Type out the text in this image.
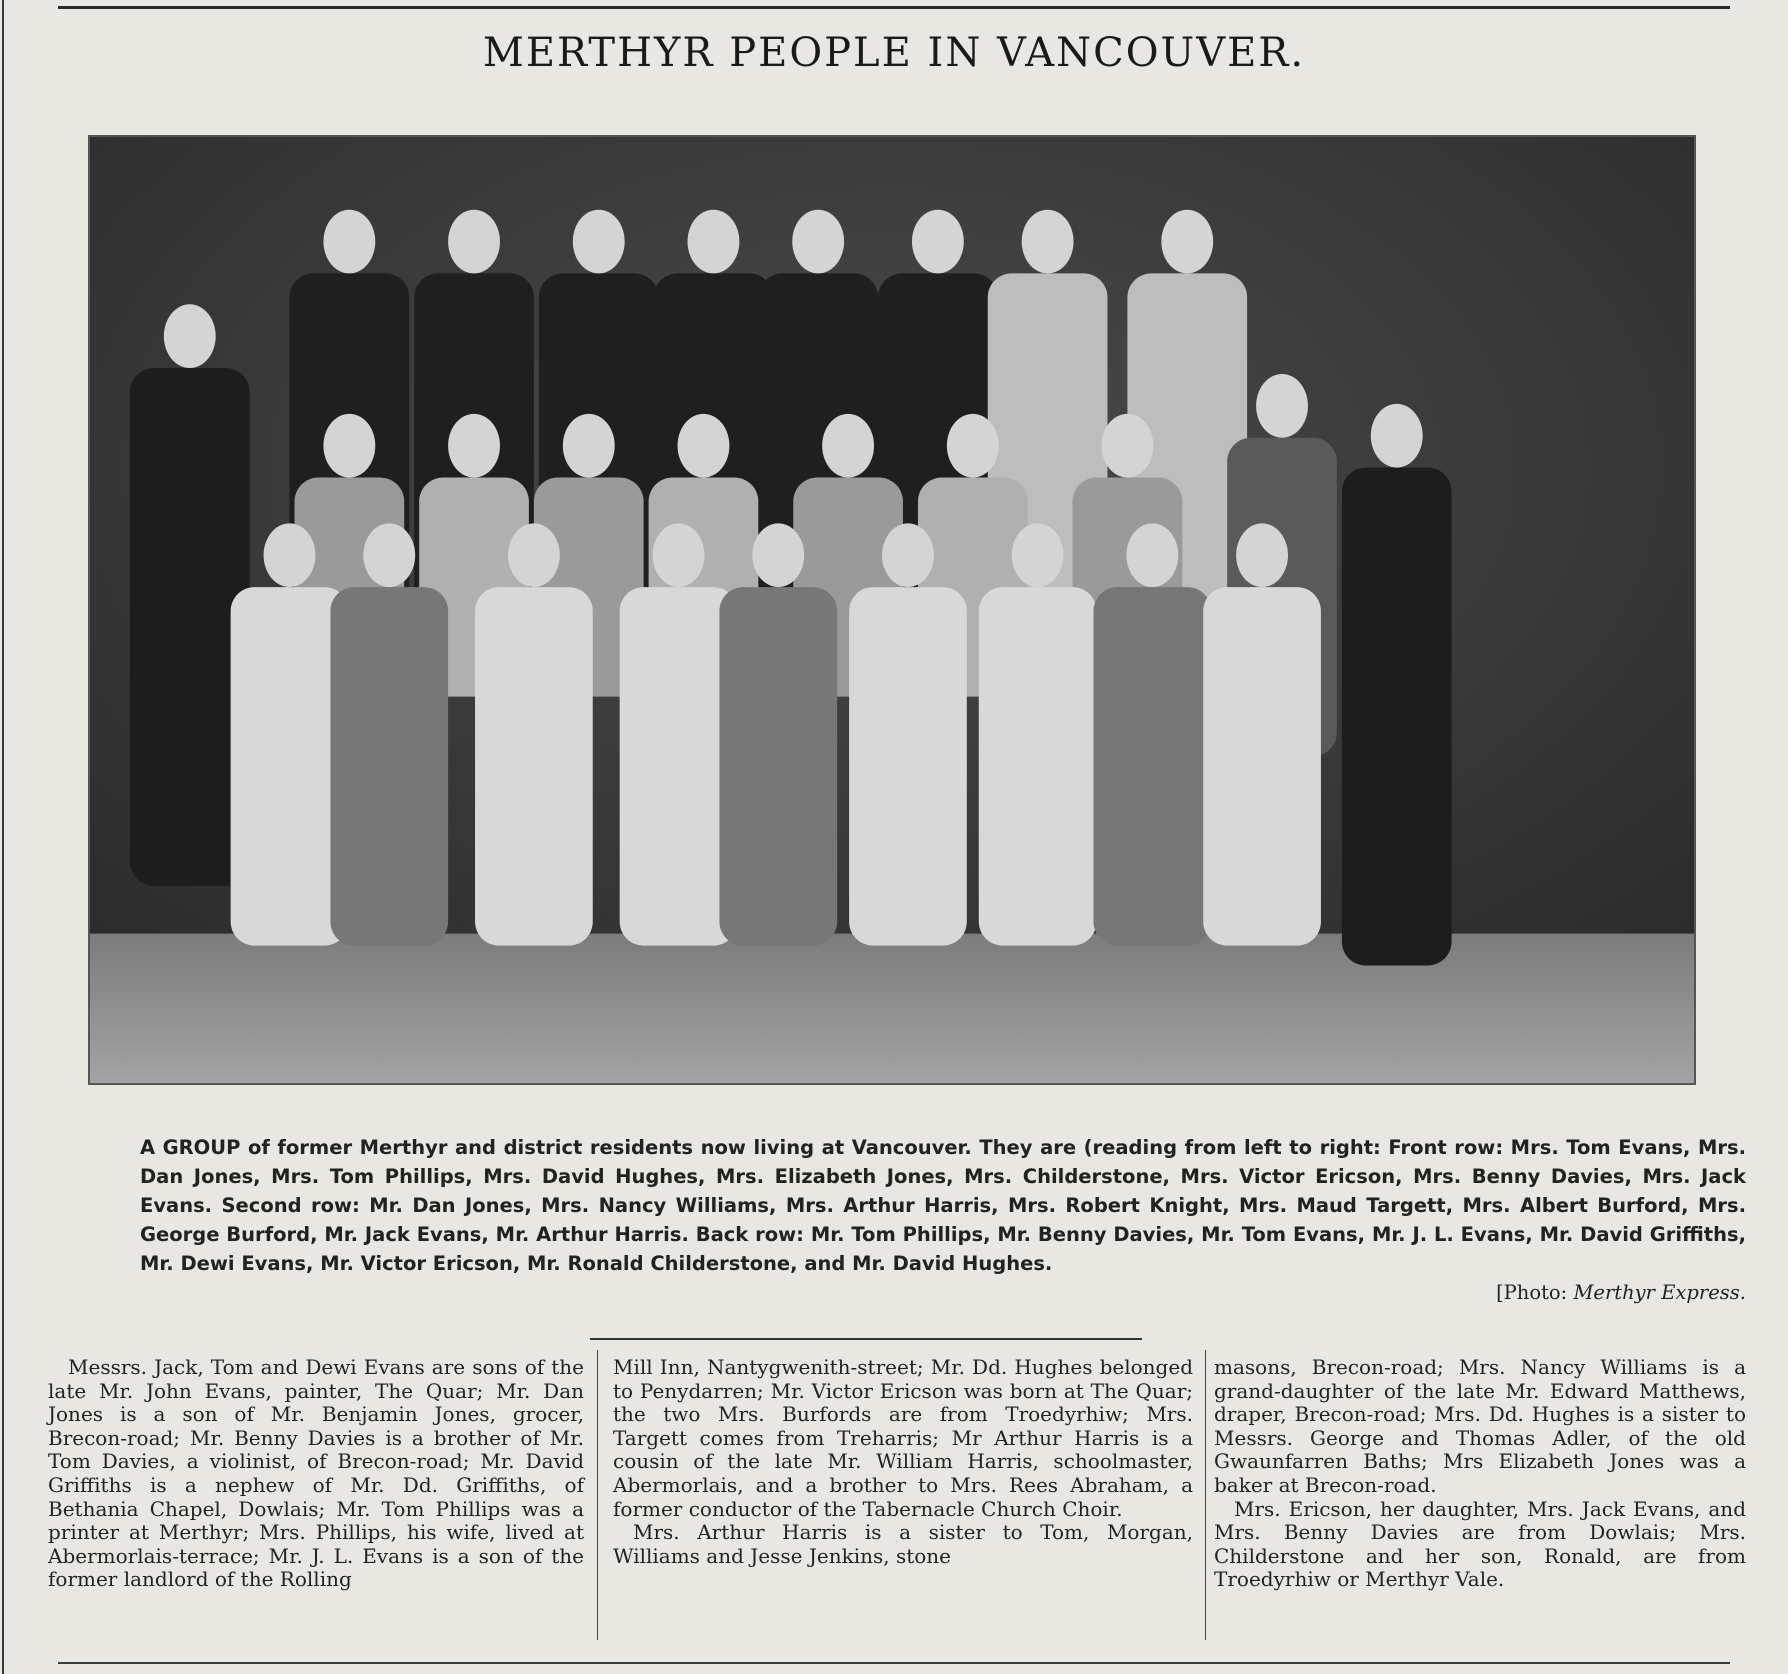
MERTHYR PEOPLE IN VANCOUVER.
A GROUP of former Merthyr and district residents now living at Vancouver. They are (reading from left to right: Front row: Mrs. Tom Evans, Mrs. Dan Jones, Mrs. Tom Phillips, Mrs. David Hughes, Mrs. Elizabeth Jones, Mrs. Childerstone, Mrs. Victor Ericson, Mrs. Benny Davies, Mrs. Jack Evans. Second row: Mr. Dan Jones, Mrs. Nancy Williams, Mrs. Arthur Harris, Mrs. Robert Knight, Mrs. Maud Targett, Mrs. Albert Burford, Mrs. George Burford, Mr. Jack Evans, Mr. Arthur Harris. Back row: Mr. Tom Phillips, Mr. Benny Davies, Mr. Tom Evans, Mr. J. L. Evans, Mr. David Griffiths, Mr. Dewi Evans, Mr. Victor Ericson, Mr. Ronald Childerstone, and Mr. David Hughes.
[Photo: Merthyr Express.

Messrs. Jack, Tom and Dewi Evans are sons of the late Mr. John Evans, painter, The Quar; Mr. Dan Jones is a son of Mr. Benjamin Jones, grocer, Brecon-road; Mr. Benny Davies is a brother of Mr. Tom Davies, a violinist, of Brecon-road; Mr. David Griffiths is a nephew of Mr. Dd. Griffiths, of Bethania Chapel, Dowlais; Mr. Tom Phillips was a printer at Merthyr; Mrs. Phillips, his wife, lived at Abermorlais-terrace; Mr. J. L. Evans is a son of the former landlord of the Rolling

Mill Inn, Nantygwenith-street; Mr. Dd. Hughes belonged to Penydarren; Mr. Victor Ericson was born at The Quar; the two Mrs. Burfords are from Troedyrhiw; Mrs. Targett comes from Treharris; Mr Arthur Harris is a cousin of the late Mr. William Harris, schoolmaster, Abermorlais, and a brother to Mrs. Rees Abraham, a former conductor of the Tabernacle Church Choir.

Mrs. Arthur Harris is a sister to Tom, Morgan, Williams and Jesse Jenkins, stone

masons, Brecon-road; Mrs. Nancy Williams is a grand-daughter of the late Mr. Edward Matthews, draper, Brecon-road; Mrs. Dd. Hughes is a sister to Messrs. George and Thomas Adler, of the old Gwaunfarren Baths; Mrs Elizabeth Jones was a baker at Brecon-road.

Mrs. Ericson, her daughter, Mrs. Jack Evans, and Mrs. Benny Davies are from Dowlais; Mrs. Childerstone and her son, Ronald, are from Troedyrhiw or Merthyr Vale.
